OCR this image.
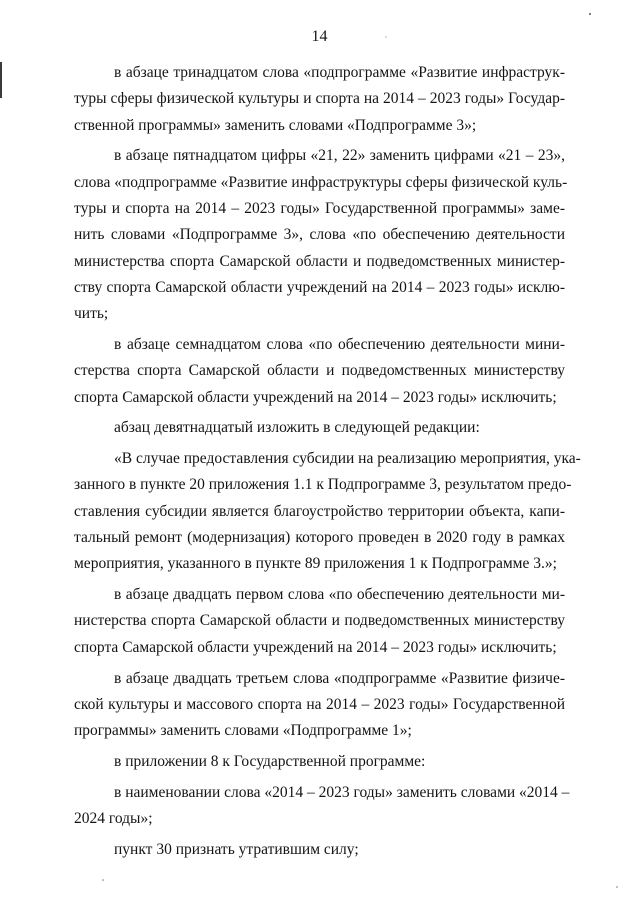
14
в абзаце тринадцатом слова «подпрограмме «Развитие инфраструк-
туры сферы физической культуры и спорта на 2014 – 2023 годы» Государ-
ственной программы» заменить словами «Подпрограмме 3»;
в абзаце пятнадцатом цифры «21, 22» заменить цифрами «21 – 23»,
слова «подпрограмме «Развитие инфраструктуры сферы физической куль-
туры и спорта на 2014 – 2023 годы» Государственной программы» заме-
нить словами «Подпрограмме 3», слова «по обеспечению деятельности
министерства спорта Самарской области и подведомственных министер-
ству спорта Самарской области учреждений на 2014 – 2023 годы» исклю-
чить;
в абзаце семнадцатом слова «по обеспечению деятельности мини-
стерства спорта Самарской области и подведомственных министерству
спорта Самарской области учреждений на 2014 – 2023 годы» исключить;
абзац девятнадцатый изложить в следующей редакции:
«В случае предоставления субсидии на реализацию мероприятия, ука-
занного в пункте 20 приложения 1.1 к Подпрограмме 3, результатом предо-
ставления субсидии является благоустройство территории объекта, капи-
тальный ремонт (модернизация) которого проведен в 2020 году в рамках
мероприятия, указанного в пункте 89 приложения 1 к Подпрограмме 3.»;
в абзаце двадцать первом слова «по обеспечению деятельности ми-
нистерства спорта Самарской области и подведомственных министерству
спорта Самарской области учреждений на 2014 – 2023 годы» исключить;
в абзаце двадцать третьем слова «подпрограмме «Развитие физиче-
ской культуры и массового спорта на 2014 – 2023 годы» Государственной
программы» заменить словами «Подпрограмме 1»;
в приложении 8 к Государственной программе:
в наименовании слова «2014 – 2023 годы» заменить словами «2014 –
2024 годы»;
пункт 30 признать утратившим силу;
